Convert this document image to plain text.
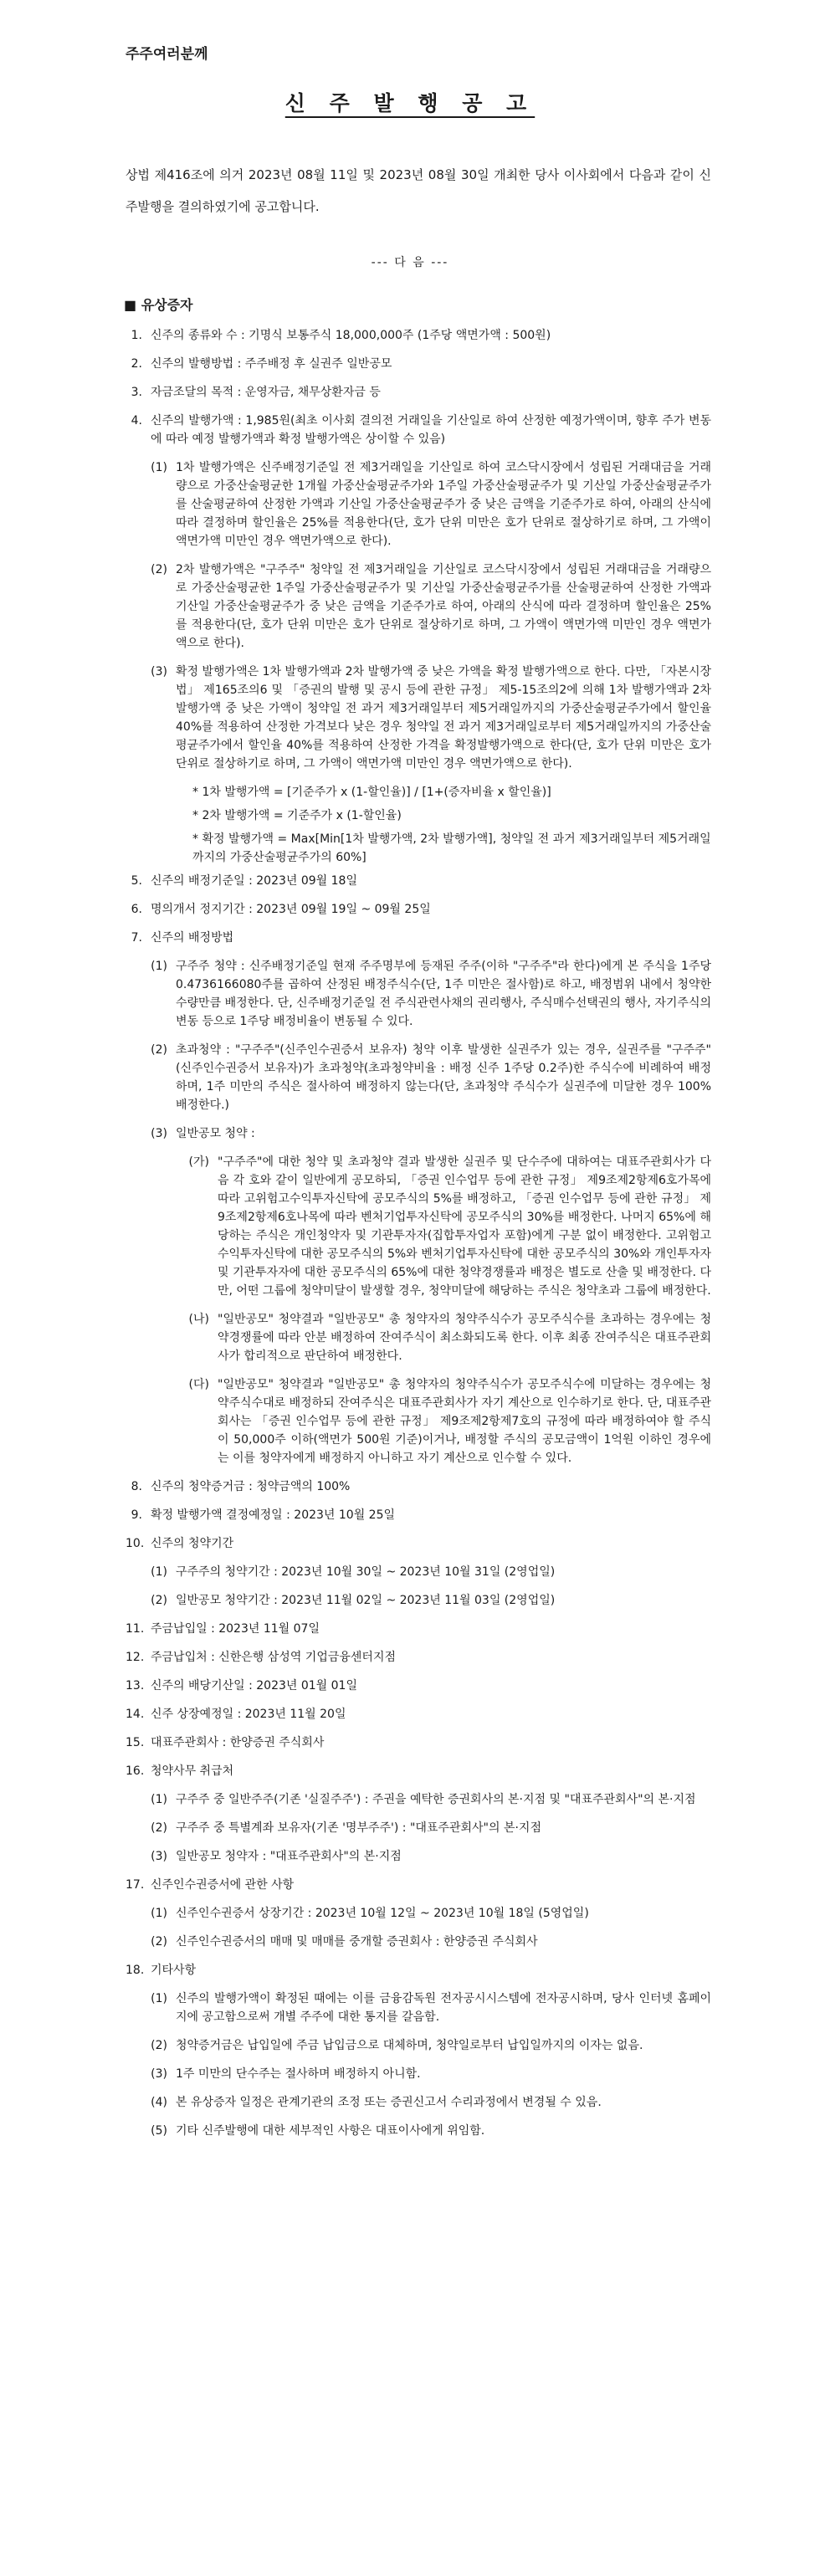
주주여러분께
신 주 발 행 공 고
상법 제416조에 의거 2023년 08월 11일 및 2023년 08월 30일 개최한 당사 이사회에서 다음과 같이 신주발행을 결의하였기에 공고합니다.
--- 다 음 ---
■ 유상증자
1. 신주의 종류와 수 : 기명식 보통주식 18,000,000주 (1주당 액면가액 : 500원)
2. 신주의 발행방법 : 주주배정 후 실권주 일반공모
3. 자금조달의 목적 : 운영자금, 채무상환자금 등
4. 신주의 발행가액 : 1,985원(최초 이사회 결의전 거래일을 기산일로 하여 산정한 예정가액이며, 향후 주가 변동에 따라 예정 발행가액과 확정 발행가액은 상이할 수 있음)
(1) 1차 발행가액은 신주배정기준일 전 제3거래일을 기산일로 하여 코스닥시장에서 성립된 거래대금을 거래량으로 가중산술평균한 1개월 가중산술평균주가와 1주일 가중산술평균주가 및 기산일 가중산술평균주가를 산술평균하여 산정한 가액과 기산일 가중산술평균주가 중 낮은 금액을 기준주가로 하여, 아래의 산식에 따라 결정하며 할인율은 25%를 적용한다(단, 호가 단위 미만은 호가 단위로 절상하기로 하며, 그 가액이 액면가액 미만인 경우 액면가액으로 한다).
(2) 2차 발행가액은 "구주주" 청약일 전 제3거래일을 기산일로 코스닥시장에서 성립된 거래대금을 거래량으로 가중산술평균한 1주일 가중산술평균주가 및 기산일 가중산술평균주가를 산술평균하여 산정한 가액과 기산일 가중산술평균주가 중 낮은 금액을 기준주가로 하여, 아래의 산식에 따라 결정하며 할인율은 25%를 적용한다(단, 호가 단위 미만은 호가 단위로 절상하기로 하며, 그 가액이 액면가액 미만인 경우 액면가액으로 한다).
(3) 확정 발행가액은 1차 발행가액과 2차 발행가액 중 낮은 가액을 확정 발행가액으로 한다. 다만, 「자본시장법」 제165조의6 및 「증권의 발행 및 공시 등에 관한 규정」 제5-15조의2에 의해 1차 발행가액과 2차 발행가액 중 낮은 가액이 청약일 전 과거 제3거래일부터 제5거래일까지의 가중산술평균주가에서 할인율 40%를 적용하여 산정한 가격보다 낮은 경우 청약일 전 과거 제3거래일로부터 제5거래일까지의 가중산술평균주가에서 할인율 40%를 적용하여 산정한 가격을 확정발행가액으로 한다(단, 호가 단위 미만은 호가 단위로 절상하기로 하며, 그 가액이 액면가액 미만인 경우 액면가액으로 한다).
* 1차 발행가액 = [기준주가 x (1-할인율)] / [1+(증자비율 x 할인율)]
* 2차 발행가액 = 기준주가 x (1-할인율)
* 확정 발행가액 = Max[Min[1차 발행가액, 2차 발행가액], 청약일 전 과거 제3거래일부터 제5거래일까지의 가중산술평균주가의 60%]
5. 신주의 배정기준일 : 2023년 09월 18일
6. 명의개서 정지기간 : 2023년 09월 19일 ~ 09월 25일
7. 신주의 배정방법
(1) 구주주 청약 : 신주배정기준일 현재 주주명부에 등재된 주주(이하 "구주주"라 한다)에게 본 주식을 1주당 0.4736166080주를 곱하여 산정된 배정주식수(단, 1주 미만은 절사함)로 하고, 배정범위 내에서 청약한 수량만큼 배정한다. 단, 신주배정기준일 전 주식관련사채의 권리행사, 주식매수선택권의 행사, 자기주식의 변동 등으로 1주당 배정비율이 변동될 수 있다.
(2) 초과청약 : "구주주"(신주인수권증서 보유자) 청약 이후 발생한 실권주가 있는 경우, 실권주를 "구주주" (신주인수권증서 보유자)가 초과청약(초과청약비율 : 배정 신주 1주당 0.2주)한 주식수에 비례하여 배정하며, 1주 미만의 주식은 절사하여 배정하지 않는다(단, 초과청약 주식수가 실권주에 미달한 경우 100% 배정한다.)
(3) 일반공모 청약 :
(가) "구주주"에 대한 청약 및 초과청약 결과 발생한 실권주 및 단수주에 대하여는 대표주관회사가 다음 각 호와 같이 일반에게 공모하되, 「증권 인수업무 등에 관한 규정」 제9조제2항제6호가목에 따라 고위험고수익투자신탁에 공모주식의 5%를 배정하고, 「증권 인수업무 등에 관한 규정」 제9조제2항제6호나목에 따라 벤처기업투자신탁에 공모주식의 30%를 배정한다. 나머지 65%에 해당하는 주식은 개인청약자 및 기관투자자(집합투자업자 포함)에게 구분 없이 배정한다. 고위험고수익투자신탁에 대한 공모주식의 5%와 벤처기업투자신탁에 대한 공모주식의 30%와 개인투자자 및 기관투자자에 대한 공모주식의 65%에 대한 청약경쟁률과 배정은 별도로 산출 및 배정한다. 다만, 어떤 그룹에 청약미달이 발생할 경우, 청약미달에 해당하는 주식은 청약초과 그룹에 배정한다.
(나) "일반공모" 청약결과 "일반공모" 총 청약자의 청약주식수가 공모주식수를 초과하는 경우에는 청약경쟁률에 따라 안분 배정하여 잔여주식이 최소화되도록 한다. 이후 최종 잔여주식은 대표주관회사가 합리적으로 판단하여 배정한다.
(다) "일반공모" 청약결과 "일반공모" 총 청약자의 청약주식수가 공모주식수에 미달하는 경우에는 청약주식수대로 배정하되 잔여주식은 대표주관회사가 자기 계산으로 인수하기로 한다. 단, 대표주관회사는 「증권 인수업무 등에 관한 규정」 제9조제2항제7호의 규정에 따라 배정하여야 할 주식이 50,000주 이하(액면가 500원 기준)이거나, 배정할 주식의 공모금액이 1억원 이하인 경우에는 이를 청약자에게 배정하지 아니하고 자기 계산으로 인수할 수 있다.
8. 신주의 청약증거금 : 청약금액의 100%
9. 확정 발행가액 결정예정일 : 2023년 10월 25일
10. 신주의 청약기간
(1) 구주주의 청약기간 : 2023년 10월 30일 ~ 2023년 10월 31일 (2영업일)
(2) 일반공모 청약기간 : 2023년 11월 02일 ~ 2023년 11월 03일 (2영업일)
11. 주금납입일 : 2023년 11월 07일
12. 주금납입처 : 신한은행 삼성역 기업금융센터지점
13. 신주의 배당기산일 : 2023년 01월 01일
14. 신주 상장예정일 : 2023년 11월 20일
15. 대표주관회사 : 한양증권 주식회사
16. 청약사무 취급처
(1) 구주주 중 일반주주(기존 '실질주주') : 주권을 예탁한 증권회사의 본·지점 및 "대표주관회사"의 본·지점
(2) 구주주 중 특별계좌 보유자(기존 '명부주주') : "대표주관회사"의 본·지점
(3) 일반공모 청약자 : "대표주관회사"의 본·지점
17. 신주인수권증서에 관한 사항
(1) 신주인수권증서 상장기간 : 2023년 10월 12일 ~ 2023년 10월 18일 (5영업일)
(2) 신주인수권증서의 매매 및 매매를 중개할 증권회사 : 한양증권 주식회사
18. 기타사항
(1) 신주의 발행가액이 확정된 때에는 이를 금융감독원 전자공시시스템에 전자공시하며, 당사 인터넷 홈페이지에 공고함으로써 개별 주주에 대한 통지를 갈음함.
(2) 청약증거금은 납입일에 주금 납입금으로 대체하며, 청약일로부터 납입일까지의 이자는 없음.
(3) 1주 미만의 단수주는 절사하며 배정하지 아니함.
(4) 본 유상증자 일정은 관계기관의 조정 또는 증권신고서 수리과정에서 변경될 수 있음.
(5) 기타 신주발행에 대한 세부적인 사항은 대표이사에게 위임함.
